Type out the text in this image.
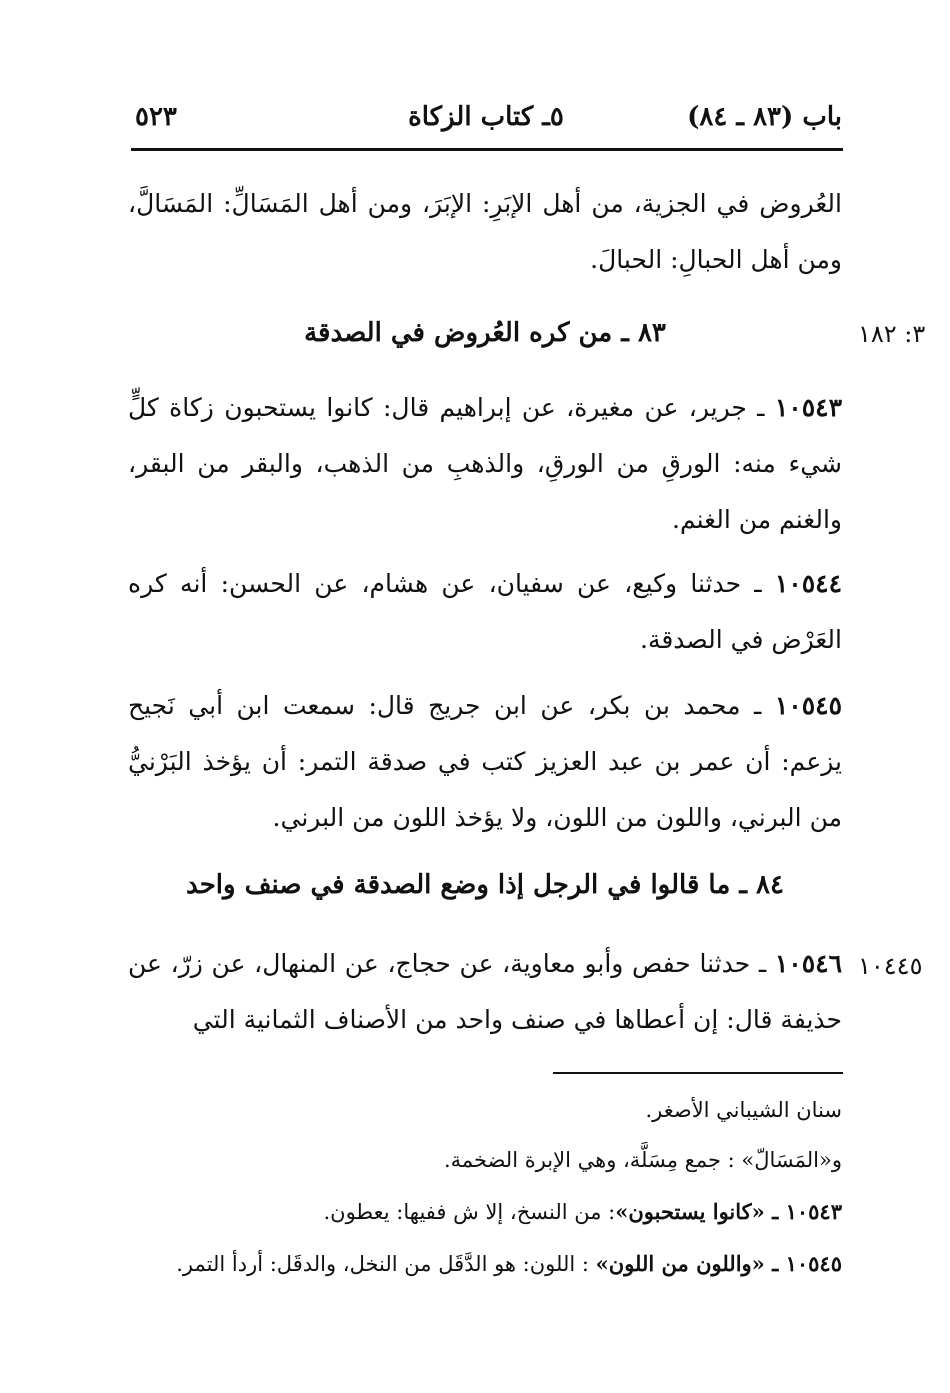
باب (٨٣ ـ ٨٤)
٥ـ كتاب الزكاة
٥٢٣
العُروض في الجزية، من أهل الإبَرِ: الإبَرَ، ومن أهل المَسَالِّ: المَسَالَّ، ومن أهل الحبالِ: الحبالَ.
٣: ١٨٢
٨٣ ـ من كره العُروض في الصدقة
١٠٥٤٣ ـ جرير، عن مغيرة، عن إبراهيم قال: كانوا يستحبون زكاة كلٍّ شيء منه: الورقِ من الورقِ، والذهبِ من الذهب، والبقر من البقر، والغنم من الغنم.
١٠٥٤٤ ـ حدثنا وكيع، عن سفيان، عن هشام، عن الحسن: أنه كره العَرْض في الصدقة.
١٠٥٤٥ ـ محمد بن بكر، عن ابن جريج قال: سمعت ابن أبي نَجيح يزعم: أن عمر بن عبد العزيز كتب في صدقة التمر: أن يؤخذ البَرْنيُّ من البرني، واللون من اللون، ولا يؤخذ اللون من البرني.
٨٤ ـ ما قالوا في الرجل إذا وضع الصدقة في صنف واحد
١٠٤٤٥
١٠٥٤٦ ـ حدثنا حفص وأبو معاوية، عن حجاج، عن المنهال، عن زرّ، عن حذيفة قال: إن أعطاها في صنف واحد من الأصناف الثمانية التي
سنان الشيباني الأصغر.
و«المَسَالّ» : جمع مِسَلَّة، وهي الإبرة الضخمة.
١٠٥٤٣ ـ «كانوا يستحبون»: من النسخ، إلا ش ففيها: يعطون.
١٠٥٤٥ ـ «واللون من اللون» : اللون: هو الدَّقَل من النخل، والدقَل: أردأ التمر.
